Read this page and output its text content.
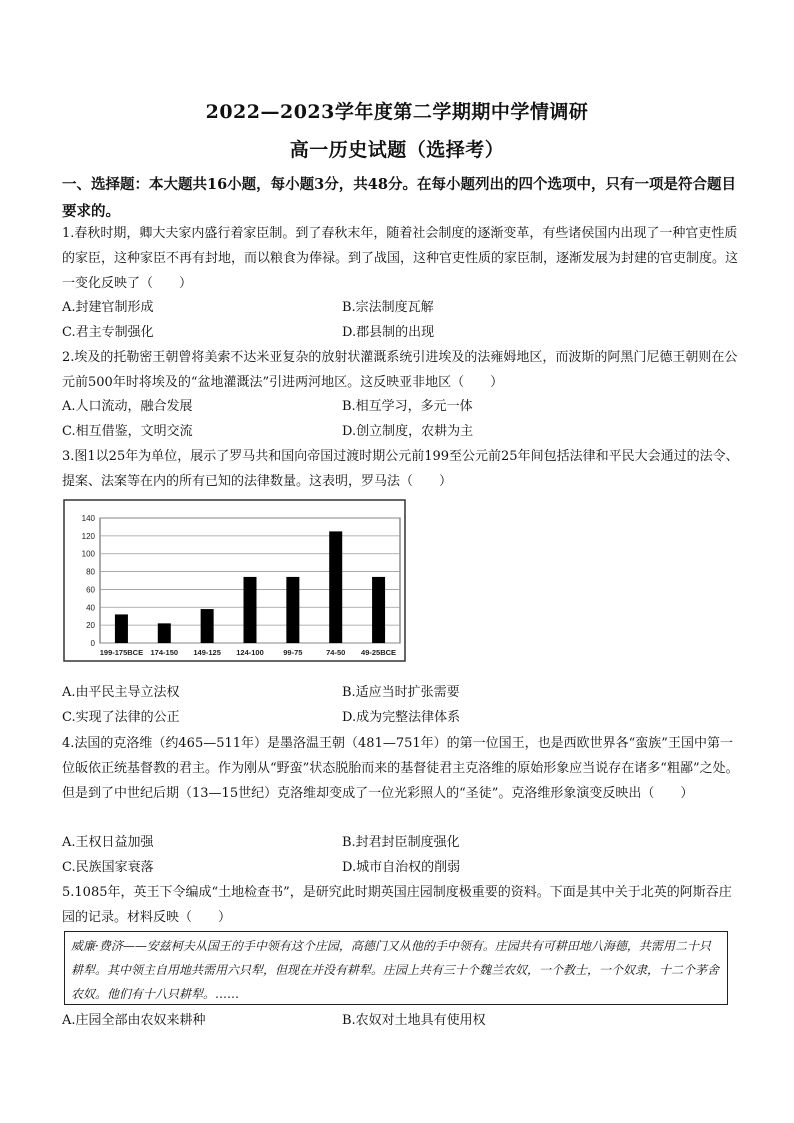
2022—2023学年度第二学期期中学情调研
高一历史试题（选择考）
一、选择题：本大题共16小题，每小题3分，共48分。在每小题列出的四个选项中，只有一项是符合题目要求的。
1.春秋时期，卿大夫家内盛行着家臣制。到了春秋末年，随着社会制度的逐渐变革，有些诸侯国内出现了一种官吏性质的家臣，这种家臣不再有封地，而以粮食为俸禄。到了战国，这种官吏性质的家臣制，逐渐发展为封建的官吏制度。这一变化反映了（　　）
A.封建官制形成	B.宗法制度瓦解
C.君主专制强化	D.郡县制的出现
2.埃及的托勒密王朝曾将美索不达米亚复杂的放射状灌溉系统引进埃及的法雍姆地区，而波斯的阿黑门尼德王朝则在公元前500年时将埃及的“盆地灌溉法”引进两河地区。这反映亚非地区（　　）
A.人口流动，融合发展	B.相互学习，多元一体
C.相互借鉴，文明交流	D.创立制度，农耕为主
3.图1以25年为单位，展示了罗马共和国向帝国过渡时期公元前199至公元前25年间包括法律和平民大会通过的法令、提案、法案等在内的所有已知的法律数量。这表明，罗马法（　　）
0
20
40
60
80
100
120
140
199-175BCE 174-150 149-125 124-100	99-75	74-50 49-25BCE
A.由平民主导立法权	B.适应当时扩张需要
C.实现了法律的公正	D.成为完整法律体系
4.法国的克洛维（约465—511年）是墨洛温王朝（481—751年）的第一位国王，也是西欧世界各“蛮族”王国中第一位皈依正统基督教的君主。作为刚从“野蛮”状态脱胎而来的基督徒君主克洛维的原始形象应当说存在诸多“粗鄙”之处。但是到了中世纪后期（13—15世纪）克洛维却变成了一位光彩照人的“圣徒”。克洛维形象演变反映出（　　）
A.王权日益加强	B.封君封臣制度强化
C.民族国家衰落	D.城市自治权的削弱
5.1085年，英王下令编成“土地检查书”，是研究此时期英国庄园制度极重要的资料。下面是其中关于北英的阿斯吞庄园的记录。材料反映（　　）
威廉·费济——安兹柯夫从国王的手中领有这个庄园，高德门又从他的手中领有。庄园共有可耕田地八海德，共需用二十只耕犁。其中领主自用地共需用六只犁，但现在并没有耕犁。庄园上共有三十个魏兰农奴，一个教士，一个奴隶，十二个茅舍农奴。他们有十八只耕犁。……
A.庄园全部由农奴来耕种	B.农奴对土地具有使用权
